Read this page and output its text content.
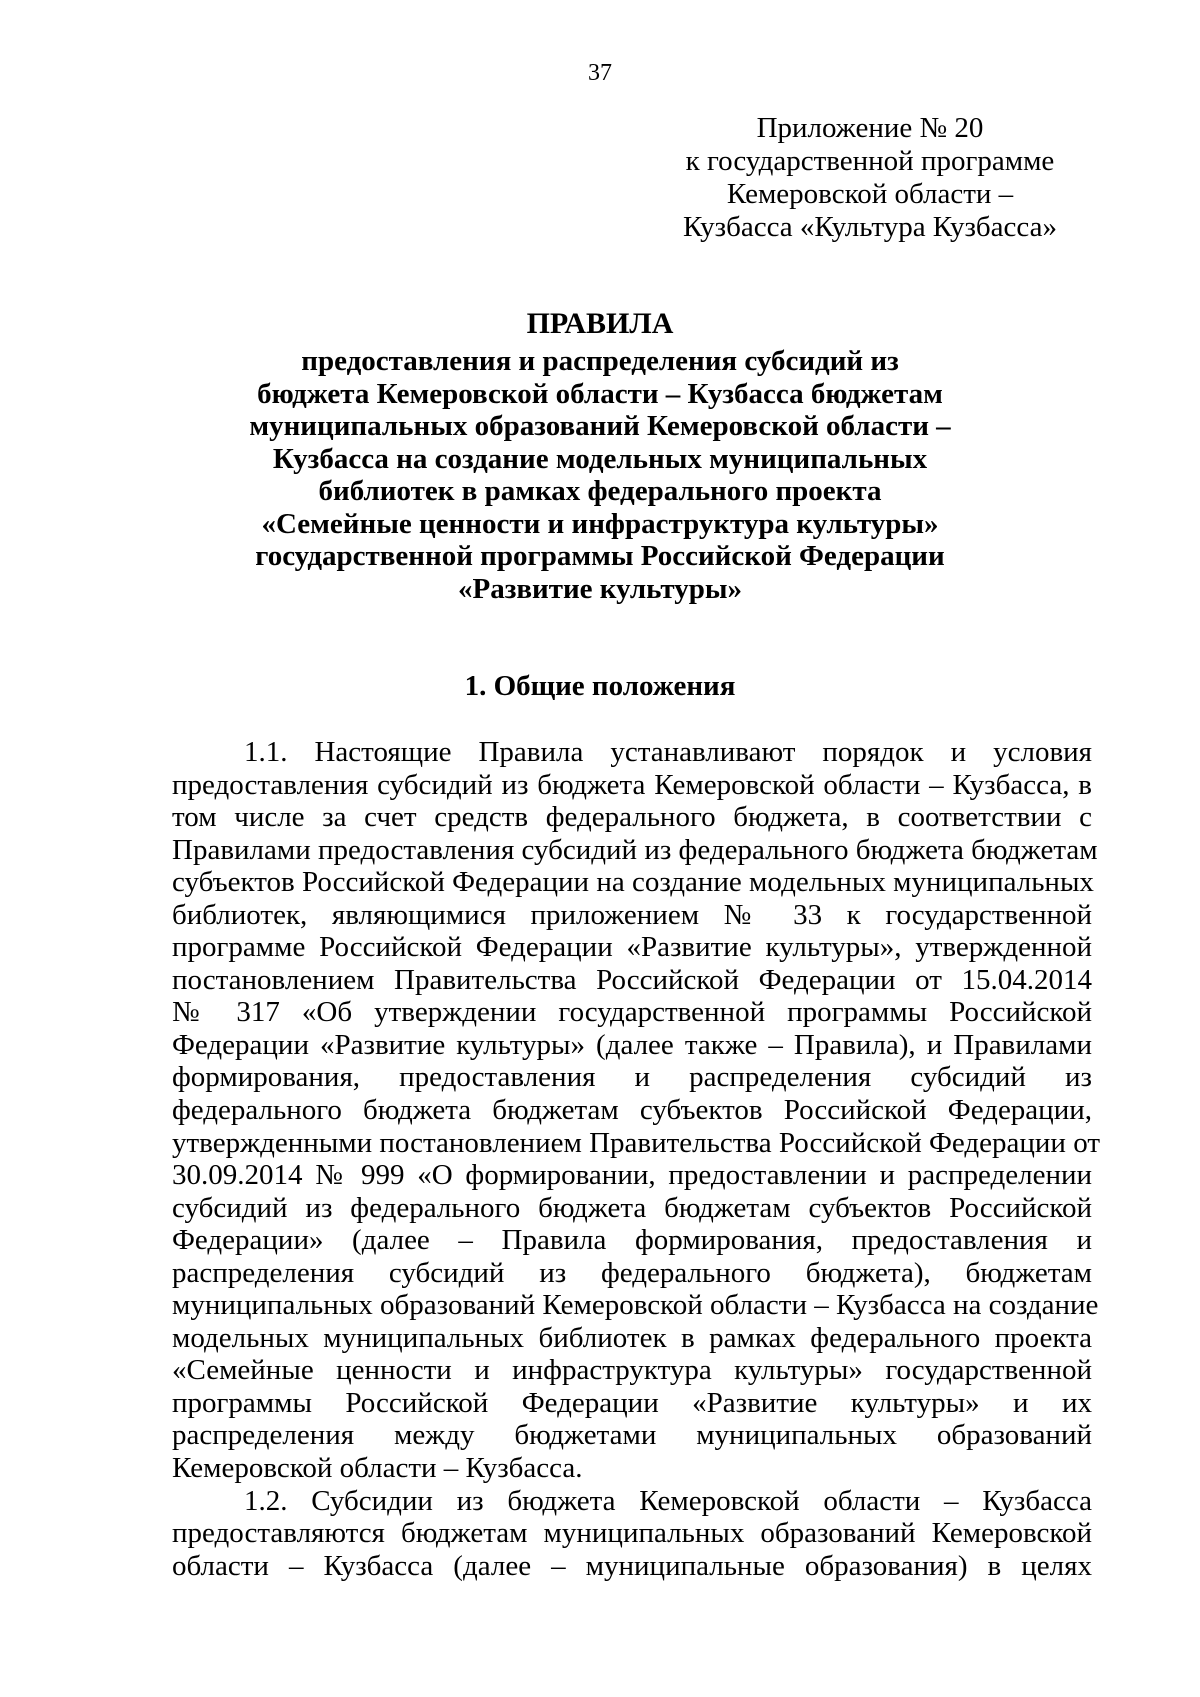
37
Приложение № 20
к государственной программе
Кемеровской области –
Кузбасса «Культура Кузбасса»
ПРАВИЛА
предоставления и распределения субсидий из
бюджета Кемеровской области – Кузбасса бюджетам
муниципальных образований Кемеровской области –
Кузбасса на создание модельных муниципальных
библиотек в рамках федерального проекта
«Семейные ценности и инфраструктура культуры»
государственной программы Российской Федерации
«Развитие культуры»
1. Общие положения
1.1. Настоящие Правила устанавливают порядок и условия
предоставления субсидий из бюджета Кемеровской области – Кузбасса, в
том числе за счет средств федерального бюджета, в соответствии с
Правилами предоставления субсидий из федерального бюджета бюджетам
субъектов Российской Федерации на создание модельных муниципальных
библиотек, являющимися приложением № 33 к государственной
программе Российской Федерации «Развитие культуры», утвержденной
постановлением Правительства Российской Федерации от 15.04.2014
№ 317 «Об утверждении государственной программы Российской
Федерации «Развитие культуры» (далее также – Правила), и Правилами
формирования, предоставления и распределения субсидий из
федерального бюджета бюджетам субъектов Российской Федерации,
утвержденными постановлением Правительства Российской Федерации от
30.09.2014 № 999 «О формировании, предоставлении и распределении
субсидий из федерального бюджета бюджетам субъектов Российской
Федерации» (далее – Правила формирования, предоставления и
распределения субсидий из федерального бюджета), бюджетам
муниципальных образований Кемеровской области – Кузбасса на создание
модельных муниципальных библиотек в рамках федерального проекта
«Семейные ценности и инфраструктура культуры» государственной
программы Российской Федерации «Развитие культуры» и их
распределения между бюджетами муниципальных образований
Кемеровской области – Кузбасса.
1.2. Субсидии из бюджета Кемеровской области – Кузбасса
предоставляются бюджетам муниципальных образований Кемеровской
области – Кузбасса (далее – муниципальные образования) в целях
